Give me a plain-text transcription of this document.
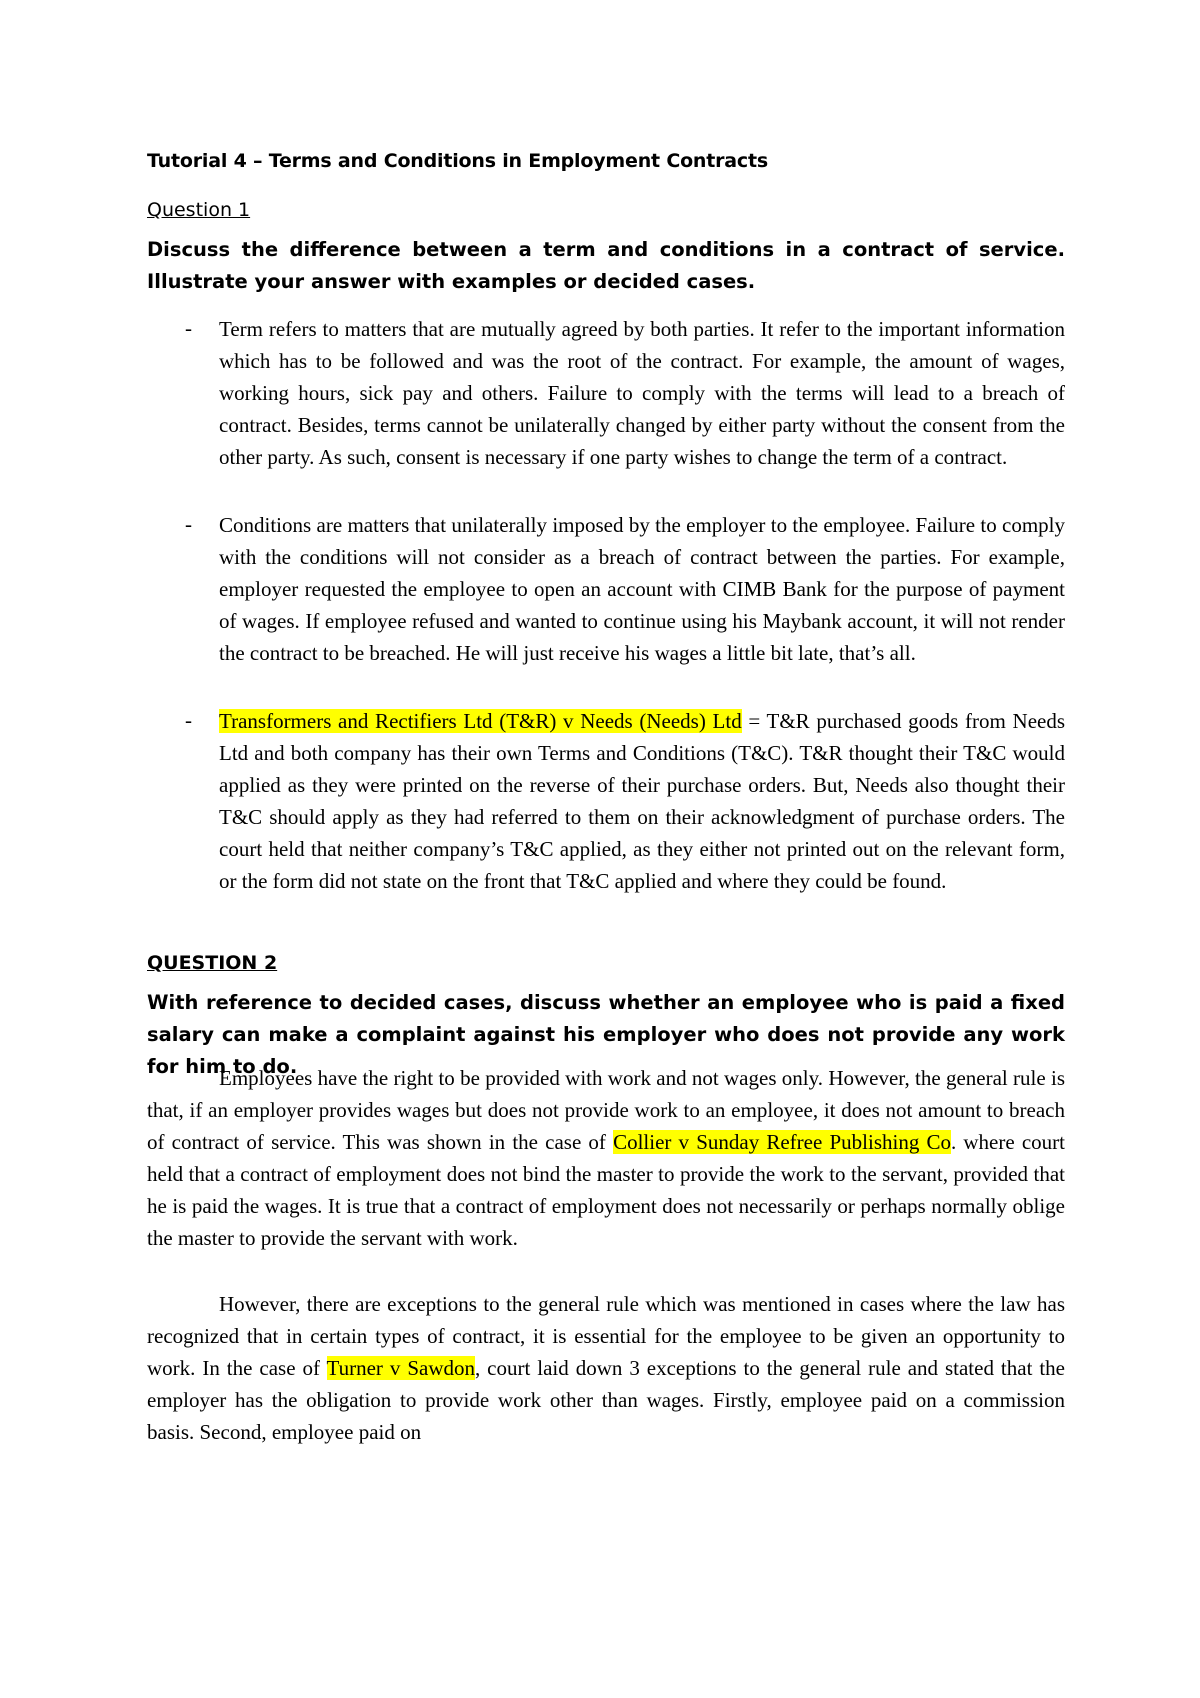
Tutorial 4 – Terms and Conditions in Employment Contracts
Question 1
Discuss the difference between a term and conditions in a contract of service. Illustrate your answer with examples or decided cases.
- Term refers to matters that are mutually agreed by both parties. It refer to the important information which has to be followed and was the root of the contract. For example, the amount of wages, working hours, sick pay and others. Failure to comply with the terms will lead to a breach of contract. Besides, terms cannot be unilaterally changed by either party without the consent from the other party. As such, consent is necessary if one party wishes to change the term of a contract.
- Conditions are matters that unilaterally imposed by the employer to the employee. Failure to comply with the conditions will not consider as a breach of contract between the parties. For example, employer requested the employee to open an account with CIMB Bank for the purpose of payment of wages. If employee refused and wanted to continue using his Maybank account, it will not render the contract to be breached. He will just receive his wages a little bit late, that’s all.
- Transformers and Rectifiers Ltd (T&R) v Needs (Needs) Ltd = T&R purchased goods from Needs Ltd and both company has their own Terms and Conditions (T&C). T&R thought their T&C would applied as they were printed on the reverse of their purchase orders. But, Needs also thought their T&C should apply as they had referred to them on their acknowledgment of purchase orders. The court held that neither company’s T&C applied, as they either not printed out on the relevant form, or the form did not state on the front that T&C applied and where they could be found.
QUESTION 2
With reference to decided cases, discuss whether an employee who is paid a fixed salary can make a complaint against his employer who does not provide any work for him to do.
Employees have the right to be provided with work and not wages only. However, the general rule is that, if an employer provides wages but does not provide work to an employee, it does not amount to breach of contract of service. This was shown in the case of Collier v Sunday Refree Publishing Co. where court held that a contract of employment does not bind the master to provide the work to the servant, provided that he is paid the wages. It is true that a contract of employment does not necessarily or perhaps normally oblige the master to provide the servant with work.
However, there are exceptions to the general rule which was mentioned in cases where the law has recognized that in certain types of contract, it is essential for the employee to be given an opportunity to work. In the case of Turner v Sawdon, court laid down 3 exceptions to the general rule and stated that the employer has the obligation to provide work other than wages. Firstly, employee paid on a commission basis. Second, employee paid on
